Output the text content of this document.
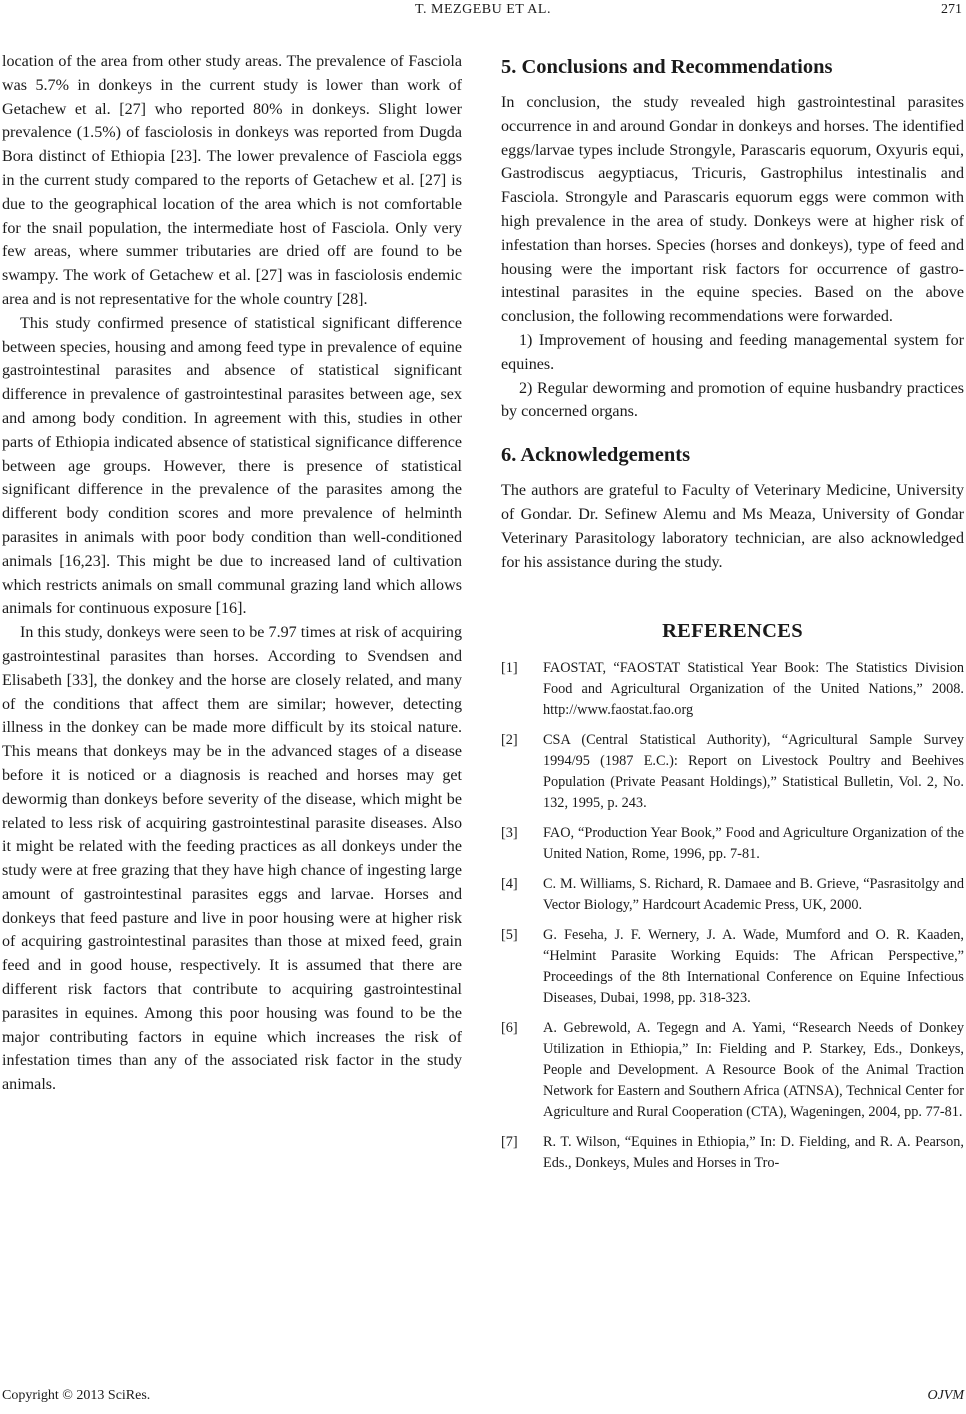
T. MEZGEBU ET AL.	271

location of the area from other study areas. The prevalence of Fasciola was 5.7% in donkeys in the current study is lower than work of Getachew et al. [27] who reported 80% in donkeys. Slight lower prevalence (1.5%) of fasciolosis in donkeys was reported from Dugda Bora distinct of Ethiopia [23]. The lower prevalence of Fasciola eggs in the current study compared to the reports of Getachew et al. [27] is due to the geographical location of the area which is not comfortable for the snail population, the intermediate host of Fasciola. Only very few areas, where summer tributaries are dried off are found to be swampy. The work of Getachew et al. [27] was in fasciolosis endemic area and is not representative for the whole country [28].

This study confirmed presence of statistical significant difference between species, housing and among feed type in prevalence of equine gastrointestinal parasites and absence of statistical significant difference in prevalence of gastrointestinal parasites between age, sex and among body condition. In agreement with this, studies in other parts of Ethiopia indicated absence of statistical significance difference between age groups. However, there is presence of statistical significant difference in the prevalence of the parasites among the different body condition scores and more prevalence of helminth parasites in animals with poor body condition than well-conditioned animals [16,23]. This might be due to increased land of cultivation which restricts animals on small communal grazing land which allows animals for continuous exposure [16].

In this study, donkeys were seen to be 7.97 times at risk of acquiring gastrointestinal parasites than horses. According to Svendsen and Elisabeth [33], the donkey and the horse are closely related, and many of the conditions that affect them are similar; however, detecting illness in the donkey can be made more difficult by its stoical nature. This means that donkeys may be in the advanced stages of a disease before it is noticed or a diagnosis is reached and horses may get dewormig than donkeys before severity of the disease, which might be related to less risk of acquiring gastrointestinal parasite diseases. Also it might be related with the feeding practices as all donkeys under the study were at free grazing that they have high chance of ingesting large amount of gastrointestinal parasites eggs and larvae. Horses and donkeys that feed pasture and live in poor housing were at higher risk of acquiring gastrointestinal parasites than those at mixed feed, grain feed and in good house, respectively. It is assumed that there are different risk factors that contribute to acquiring gastrointestinal parasites in equines. Among this poor housing was found to be the major contributing factors in equine which increases the risk of infestation times than any of the associated risk factor in the study animals.

5. Conclusions and Recommendations

In conclusion, the study revealed high gastrointestinal parasites occurrence in and around Gondar in donkeys and horses. The identified eggs/larvae types include Strongyle, Parascaris equorum, Oxyuris equi, Gastrodiscus aegyptiacus, Tricuris, Gastrophilus intestinalis and Fasciola. Strongyle and Parascaris equorum eggs were common with high prevalence in the area of study. Donkeys were at higher risk of infestation than horses. Species (horses and donkeys), type of feed and housing were the important risk factors for occurrence of gastro-intestinal parasites in the equine species. Based on the above conclusion, the following recommendations were forwarded.

1) Improvement of housing and feeding managemental system for equines.

2) Regular deworming and promotion of equine husbandry practices by concerned organs.

6. Acknowledgements

The authors are grateful to Faculty of Veterinary Medicine, University of Gondar. Dr. Sefinew Alemu and Ms Meaza, University of Gondar Veterinary Parasitology laboratory technician, are also acknowledged for his assistance during the study.

REFERENCES
[1]	FAOSTAT, “FAOSTAT Statistical Year Book: The Statistics Division Food and Agricultural Organization of the United Nations,” 2008. http://www.faostat.fao.org
[2]	CSA (Central Statistical Authority), “Agricultural Sample Survey 1994/95 (1987 E.C.): Report on Livestock Poultry and Beehives Population (Private Peasant Holdings),” Statistical Bulletin, Vol. 2, No. 132, 1995, p. 243.
[3]	FAO, “Production Year Book,” Food and Agriculture Organization of the United Nation, Rome, 1996, pp. 7-81.
[4]	C. M. Williams, S. Richard, R. Damaee and B. Grieve, “Pasrasitolgy and Vector Biology,” Hardcourt Academic Press, UK, 2000.
[5]	G. Feseha, J. F. Wernery, J. A. Wade, Mumford and O. R. Kaaden, “Helmint Parasite Working Equids: The African Perspective,” Proceedings of the 8th International Conference on Equine Infectious Diseases, Dubai, 1998, pp. 318-323.
[6]	A. Gebrewold, A. Tegegn and A. Yami, “Research Needs of Donkey Utilization in Ethiopia,” In: Fielding and P. Starkey, Eds., Donkeys, People and Development. A Resource Book of the Animal Traction Network for Eastern and Southern Africa (ATNSA), Technical Center for Agriculture and Rural Cooperation (CTA), Wageningen, 2004, pp. 77-81.
[7]	R. T. Wilson, “Equines in Ethiopia,” In: D. Fielding, and R. A. Pearson, Eds., Donkeys, Mules and Horses in Tro-
Copyright © 2013 SciRes.	OJVM
